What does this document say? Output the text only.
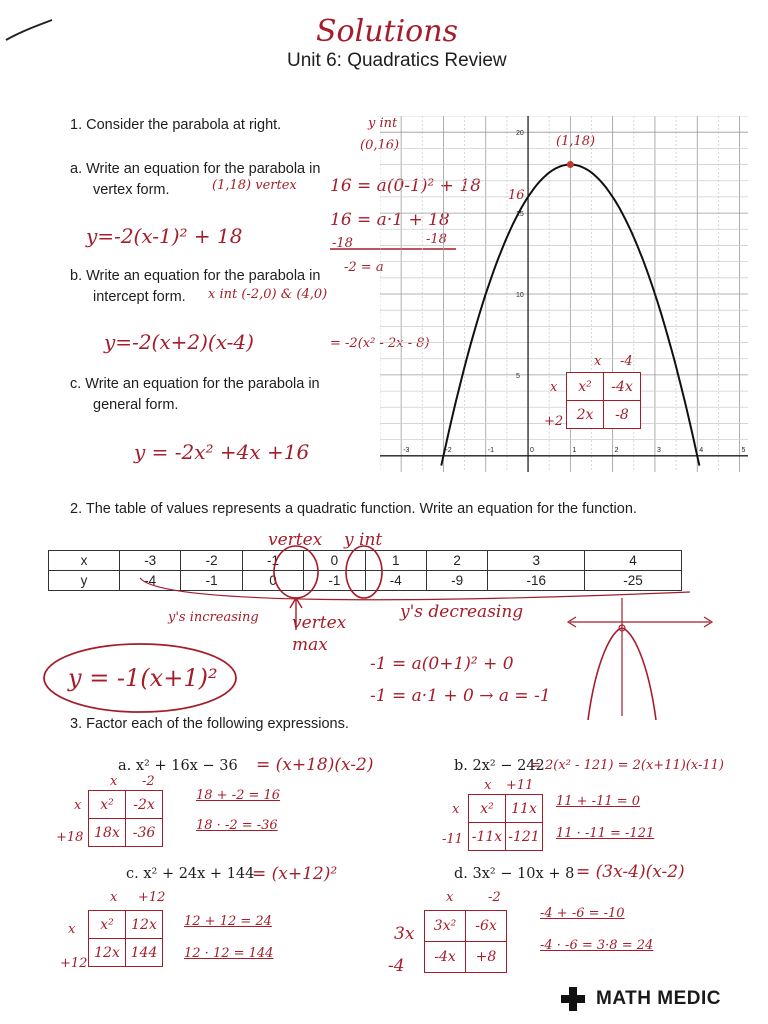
Solutions
Unit 6: Quadratics Review
1. Consider the parabola at right.
a. Write an equation for the parabola in
vertex form.	(1,18) vertex
y=-2(x-1)² + 18
b. Write an equation for the parabola in
intercept form. x int (-2,0) & (4,0)
y=-2(x+2)(x-4)
c. Write an equation for the parabola in
general form.
y = -2x² +4x +16
y int
(0,16)
16 = a(0-1)² + 18
16 = a·1 + 18
-18	-18
-2 = a
= -2(x² - 2x - 8)
-3	-2	-1	0	1	2	3	4	5
20
15
10
5
(1,18)
16
x -4
x
+2
x²	-4x
2x	-8
2. The table of values represents a quadratic function. Write an equation for the function.
vertex y int
x	-3	-2	-1	0	1	2	3	4
y	-4	-1	0	-1	-4	-9	-16	-25
y's increasing vertex max
y's decreasing
y = -1(x+1)²	-1 = a(0+1)² + 0
-1 = a·1 + 0 → a = -1
3. Factor each of the following expressions.
a. x² + 16x − 36 = (x+18)(x-2)
x -2
x
+18
x²	-2x
18x	-36
18 + -2 = 16
18 · -2 = -36
b. 2x² − 242
= 2(x² - 121) = 2(x+11)(x-11)
x +11
x
-11
x²	11x
-11x	-121
11 + -11 = 0
11 · -11 = -121
c. x² + 24x + 144
= (x+12)²
x +12
x
+12
x²	12x
12x	144
12 + 12 = 24
12 · 12 = 144
d. 3x² − 10x + 8 = (3x-4)(x-2)
x	-2
3x
-4
3x²	-6x
-4x	+8
-4 + -6 = -10
-4 · -6 = 3·8 = 24
MATH MEDIC
